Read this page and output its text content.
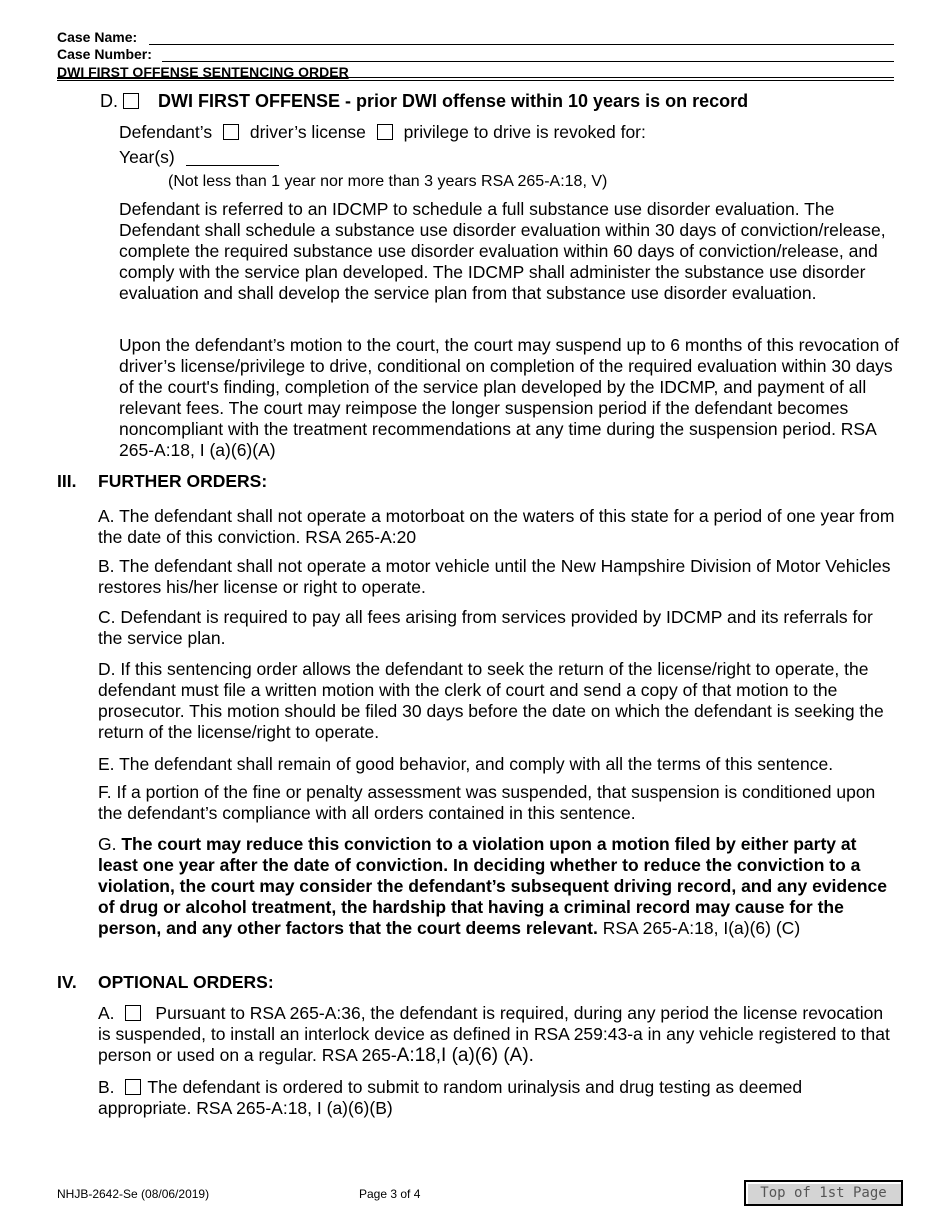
Case Name:
Case Number:
DWI FIRST OFFENSE SENTENCING ORDER
D. DWI FIRST OFFENSE - prior DWI offense within 10 years is on record
Defendant’s driver’s license privilege to drive is revoked for:
Year(s)
(Not less than 1 year nor more than 3 years RSA 265-A:18, V)
Defendant is referred to an IDCMP to schedule a full substance use disorder evaluation. The Defendant shall schedule a substance use disorder evaluation within 30 days of conviction/release, complete the required substance use disorder evaluation within 60 days of conviction/release, and comply with the service plan developed. The IDCMP shall administer the substance use disorder evaluation and shall develop the service plan from that substance use disorder evaluation.
Upon the defendant’s motion to the court, the court may suspend up to 6 months of this revocation of driver’s license/privilege to drive, conditional on completion of the required evaluation within 30 days of the court's finding, completion of the service plan developed by the IDCMP, and payment of all relevant fees. The court may reimpose the longer suspension period if the defendant becomes noncompliant with the treatment recommendations at any time during the suspension period. RSA 265-A:18, I (a)(6)(A)
III. FURTHER ORDERS:
A. The defendant shall not operate a motorboat on the waters of this state for a period of one year from the date of this conviction. RSA 265-A:20
B. The defendant shall not operate a motor vehicle until the New Hampshire Division of Motor Vehicles restores his/her license or right to operate.
C. Defendant is required to pay all fees arising from services provided by IDCMP and its referrals for the service plan.
D. If this sentencing order allows the defendant to seek the return of the license/right to operate, the defendant must file a written motion with the clerk of court and send a copy of that motion to the prosecutor. This motion should be filed 30 days before the date on which the defendant is seeking the return of the license/right to operate.
E. The defendant shall remain of good behavior, and comply with all the terms of this sentence.
F. If a portion of the fine or penalty assessment was suspended, that suspension is conditioned upon the defendant’s compliance with all orders contained in this sentence.
G. The court may reduce this conviction to a violation upon a motion filed by either party at least one year after the date of conviction. In deciding whether to reduce the conviction to a violation, the court may consider the defendant’s subsequent driving record, and any evidence of drug or alcohol treatment, the hardship that having a criminal record may cause for the person, and any other factors that the court deems relevant. RSA 265-A:18, I(a)(6) (C)
IV. OPTIONAL ORDERS:
A. Pursuant to RSA 265-A:36, the defendant is required, during any period the license revocation is suspended, to install an interlock device as defined in RSA 259:43-a in any vehicle registered to that person or used on a regular. RSA 265-A:18,I (a)(6) (A).
B. The defendant is ordered to submit to random urinalysis and drug testing as deemed appropriate. RSA 265-A:18, I (a)(6)(B)
NHJB-2642-Se (08/06/2019)	Page 3 of 4	Top of 1st Page
